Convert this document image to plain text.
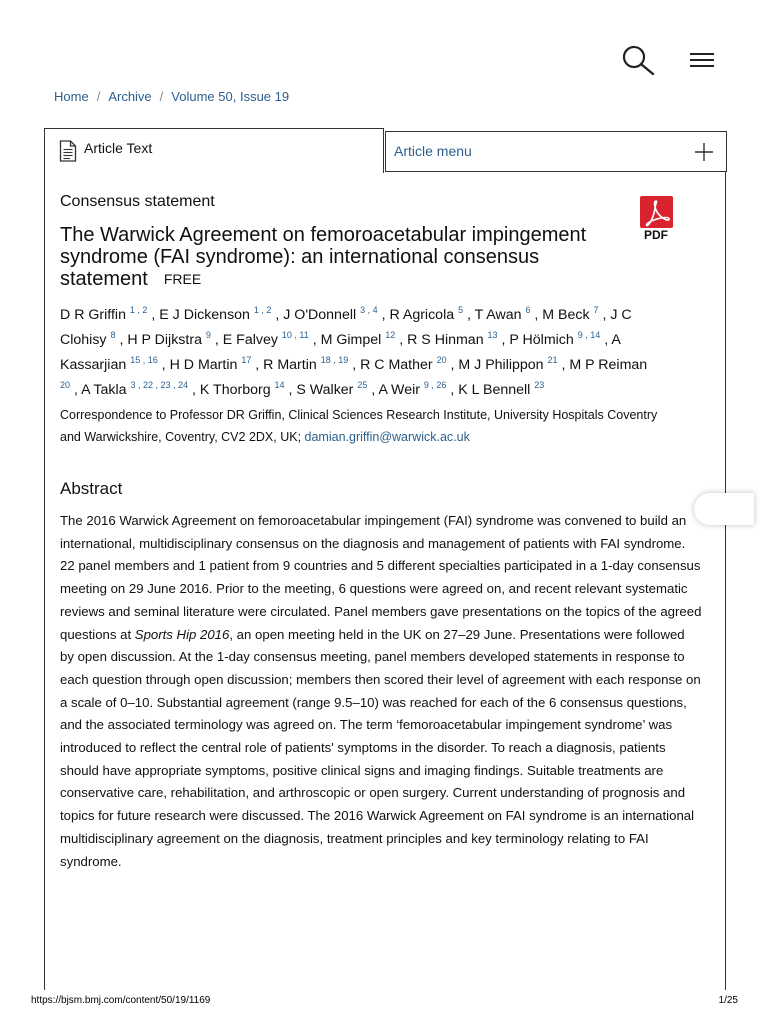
Home / Archive / Volume 50, Issue 19
Article Text	Article menu
Consensus statement
PDF
The Warwick Agreement on femoroacetabular impingement syndrome (FAI syndrome): an international consensus statement FREE
D R Griffin $^{1 , 2}$ , E J Dickenson $^{1 , 2}$ , J O'Donnell $^{3 , 4}$ , R Agricola $^5$ , T Awan $^6$ , M Beck $^7$ , J C Clohisy $^8$ , H P Dijkstra $^9$ , E Falvey $^{10 , 11}$ , M Gimpel $^{12}$ , R S Hinman $^{13}$ , P Hölmich $^{9 , 14}$ , A Kassarjian $^{15 , 16}$ , H D Martin $^{17}$ , R Martin $^{18 , 19}$ , R C Mather $^{20}$ , M J Philippon $^{21}$ , M P Reiman $^{20}$ , A Takla $^{3 , 22 , 23 , 24}$ , K Thorborg $^{14}$ , S Walker $^{25}$ , A Weir $^{9 , 26}$ , K L Bennell $^{23}$
Correspondence to Professor DR Griffin, Clinical Sciences Research Institute, University Hospitals Coventry and Warwickshire, Coventry, CV2 2DX, UK; damian.griffin@warwick.ac.uk
Abstract

The 2016 Warwick Agreement on femoroacetabular impingement (FAI) syndrome was convened to build an international, multidisciplinary consensus on the diagnosis and management of patients with FAI syndrome. 22 panel members and 1 patient from 9 countries and 5 different specialties participated in a 1-day consensus meeting on 29 June 2016. Prior to the meeting, 6 questions were agreed on, and recent relevant systematic reviews and seminal literature were circulated. Panel members gave presentations on the topics of the agreed questions at Sports Hip 2016, an open meeting held in the UK on 27–29 June. Presentations were followed by open discussion. At the 1-day consensus meeting, panel members developed statements in response to each question through open discussion; members then scored their level of agreement with each response on a scale of 0–10. Substantial agreement (range 9.5–10) was reached for each of the 6 consensus questions, and the associated terminology was agreed on. The term ‘femoroacetabular impingement syndrome’ was introduced to reflect the central role of patients' symptoms in the disorder. To reach a diagnosis, patients should have appropriate symptoms, positive clinical signs and imaging findings. Suitable treatments are conservative care, rehabilitation, and arthroscopic or open surgery. Current understanding of prognosis and topics for future research were discussed. The 2016 Warwick Agreement on FAI syndrome is an international multidisciplinary agreement on the diagnosis, treatment principles and key terminology relating to FAI syndrome.

https://bjsm.bmj.com/content/50/19/1169	1/25
